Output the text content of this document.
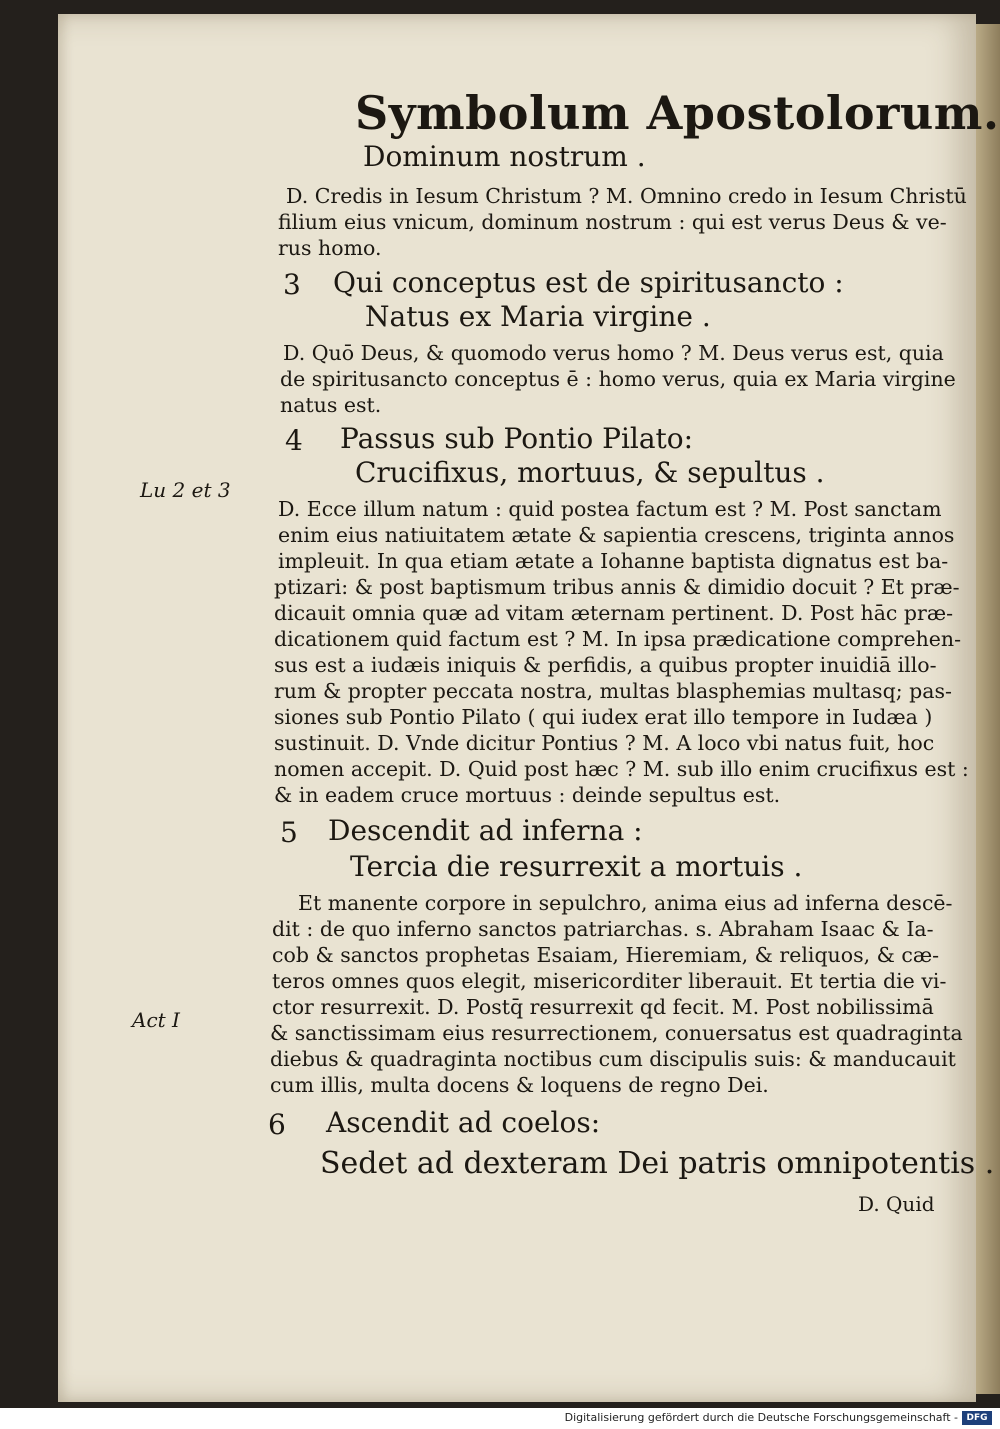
Symbolum Apostolorum.
Dominum nostrum .
D. Credis in Iesum Christum ? M. Omnino credo in Iesum Christū
filium eius vnicum, dominum nostrum : qui est verus Deus & ve-
rus homo.
3 Qui conceptus est de spiritusancto :
Natus ex Maria virgine .
D. Quō Deus, & quomodo verus homo ? M. Deus verus est, quia
de spiritusancto conceptus ē : homo verus, quia ex Maria virgine
natus est.
4 Passus sub Pontio Pilato:
Crucifixus, mortuus, & sepultus .
Lu 2 et 3
D. Ecce illum natum : quid postea factum est ? M. Post sanctam
enim eius natiuitatem ætate & sapientia crescens, triginta annos
impleuit. In qua etiam ætate a Iohanne baptista dignatus est ba-
ptizari: & post baptismum tribus annis & dimidio docuit ? Et præ-
dicauit omnia quæ ad vitam æternam pertinent. D. Post hāc præ-
dicationem quid factum est ? M. In ipsa prædicatione comprehen-
sus est a iudæis iniquis & perfidis, a quibus propter inuidiā illo-
rum & propter peccata nostra, multas blasphemias multasq; pas-
siones sub Pontio Pilato ( qui iudex erat illo tempore in Iudæa )
sustinuit. D. Vnde dicitur Pontius ? M. A loco vbi natus fuit, hoc
nomen accepit. D. Quid post hæc ? M. sub illo enim crucifixus est :
& in eadem cruce mortuus : deinde sepultus est.
5 Descendit ad inferna :
Tercia die resurrexit a mortuis .
Et manente corpore in sepulchro, anima eius ad inferna descē-
dit : de quo inferno sanctos patriarchas. s. Abraham Isaac & Ia-
cob & sanctos prophetas Esaiam, Hieremiam, & reliquos, & cæ-
teros omnes quos elegit, misericorditer liberauit. Et tertia die vi-
ctor resurrexit. D. Postq̄ resurrexit qd fecit. M. Post nobilissimā
Act I
& sanctissimam eius resurrectionem, conuersatus est quadraginta
diebus & quadraginta noctibus cum discipulis suis: & manducauit
cum illis, multa docens & loquens de regno Dei.
6 Ascendit ad coelos:
Sedet ad dexteram Dei patris omnipotentis .
D. Quid
Digitalisierung gefördert durch die Deutsche Forschungsgemeinschaft - DFG
